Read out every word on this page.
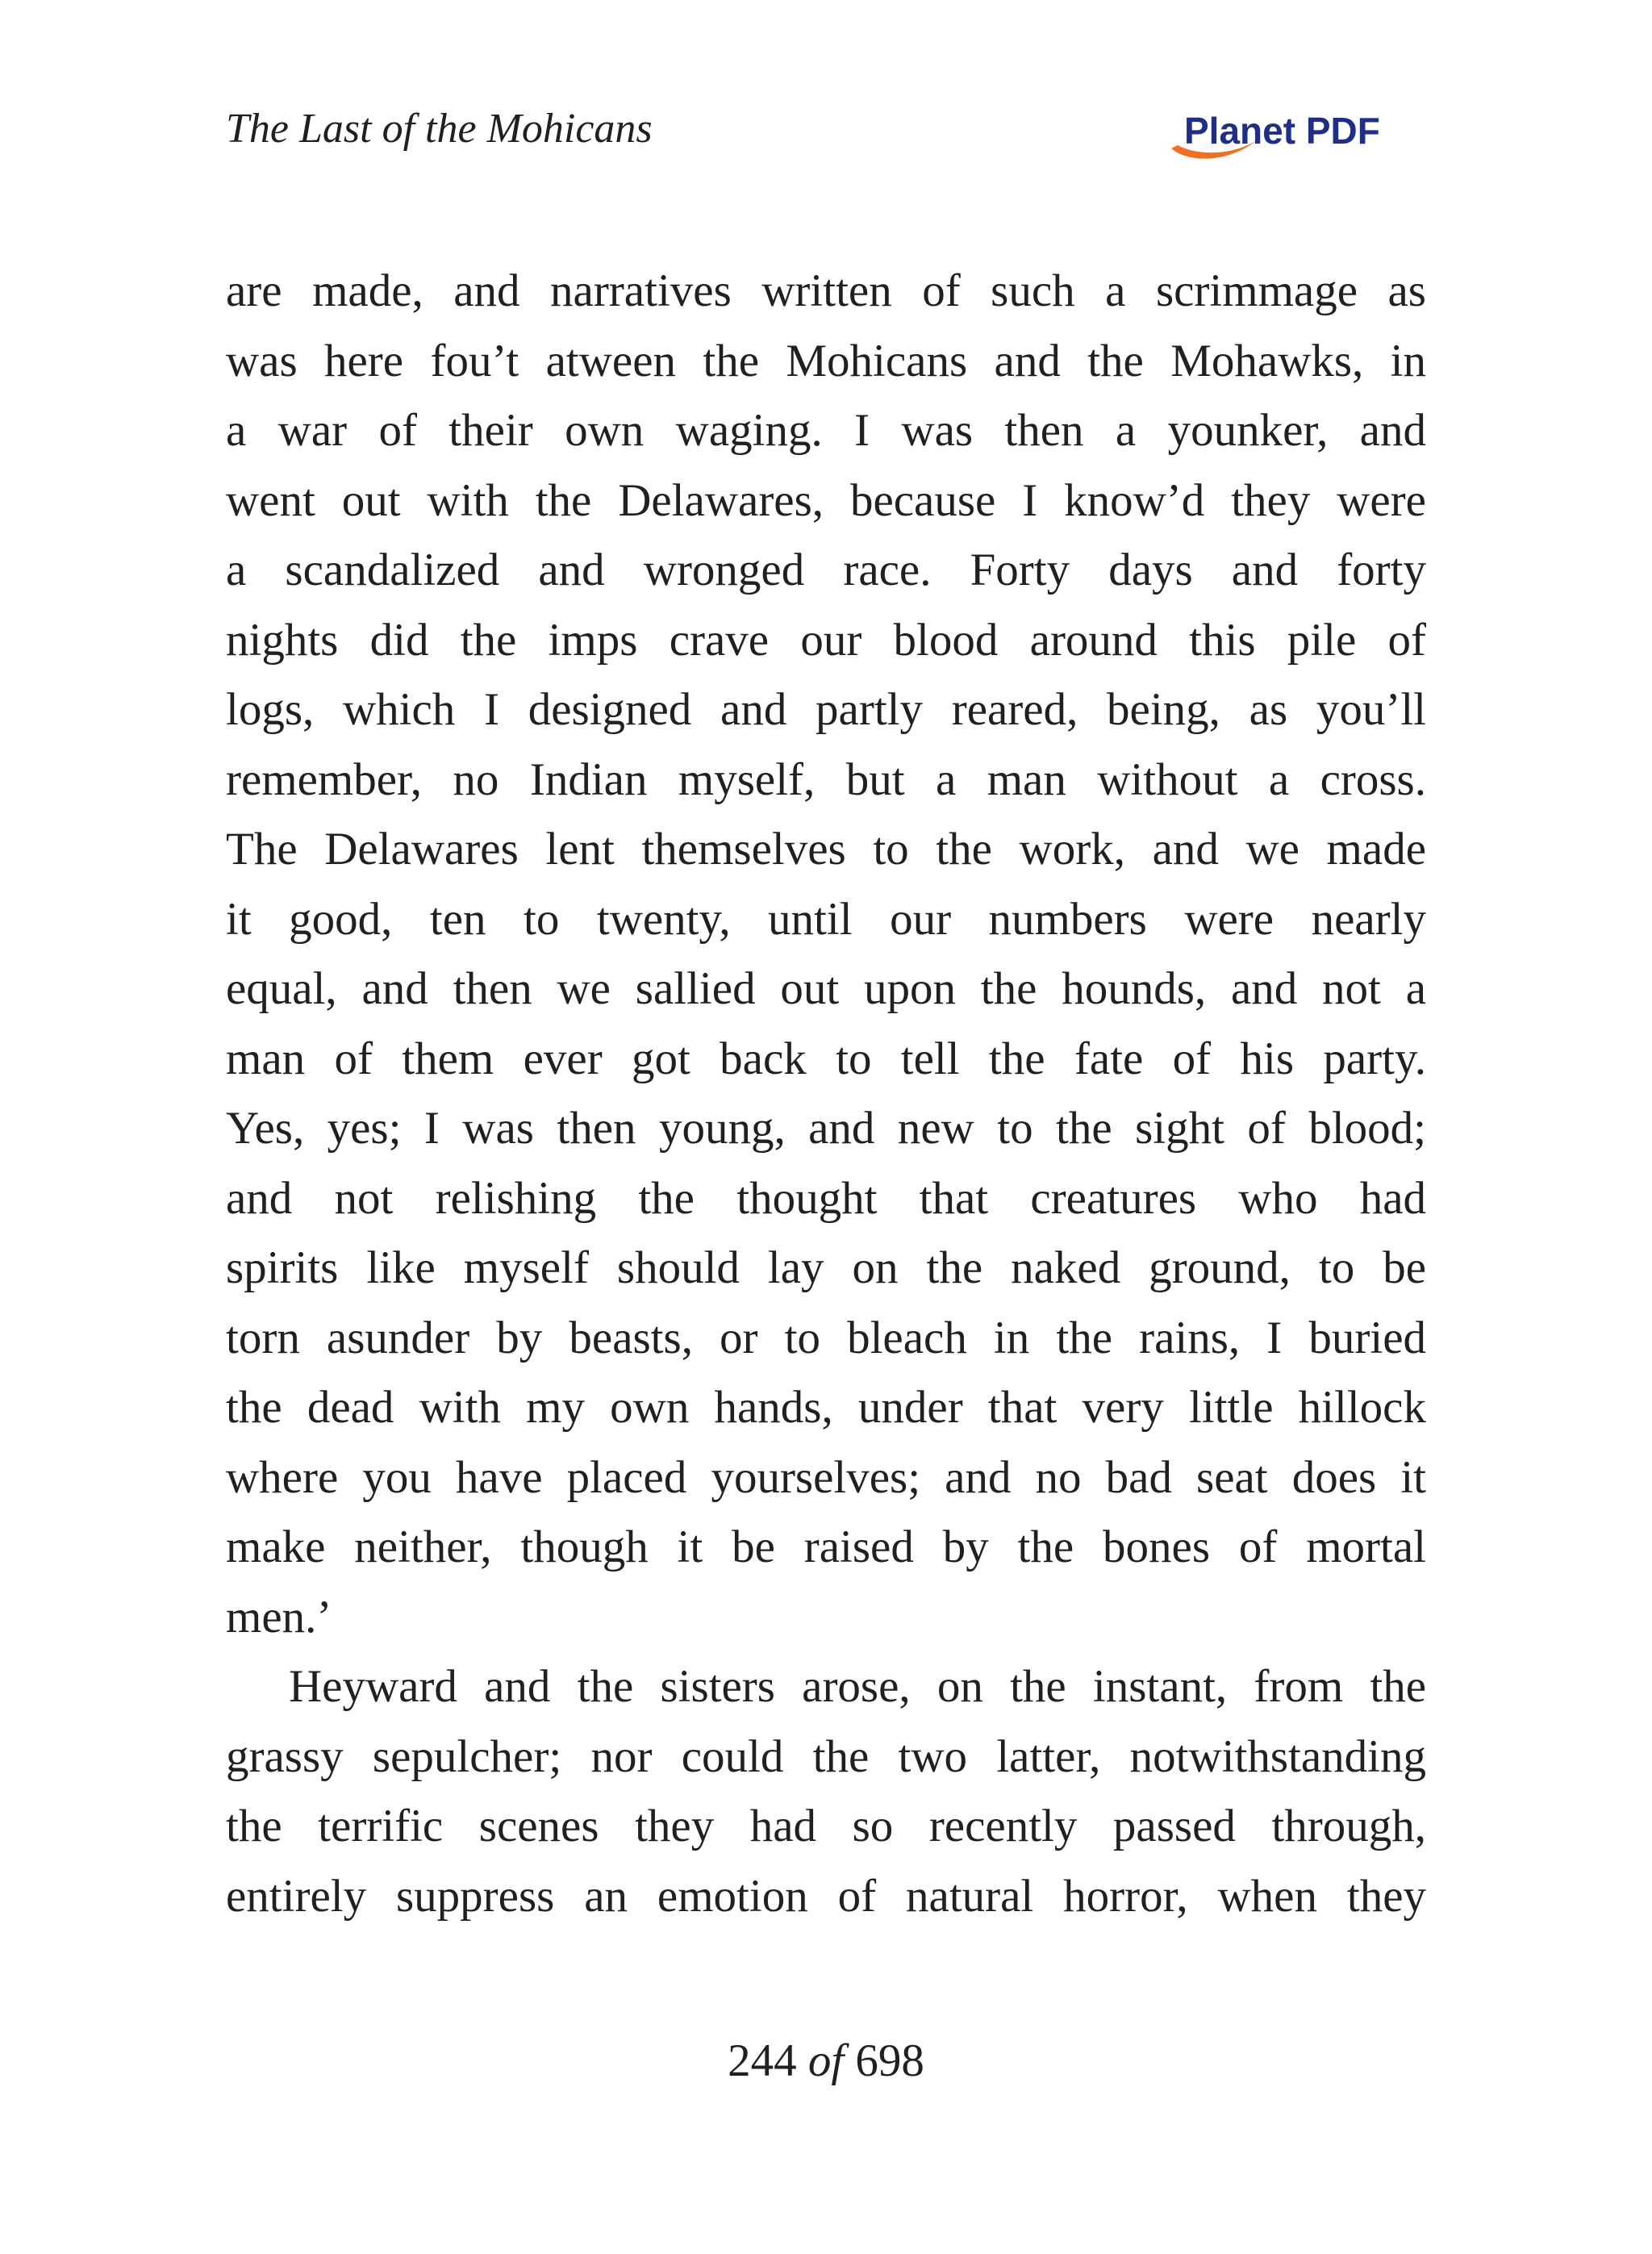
The Last of the Mohicans	Planet PDF
are made, and narratives written of such a scrimmage as
was here fou’t atween the Mohicans and the Mohawks, in
a war of their own waging. I was then a younker, and
went out with the Delawares, because I know’d they were
a scandalized and wronged race. Forty days and forty
nights did the imps crave our blood around this pile of
logs, which I designed and partly reared, being, as you’ll
remember, no Indian myself, but a man without a cross.
The Delawares lent themselves to the work, and we made
it good, ten to twenty, until our numbers were nearly
equal, and then we sallied out upon the hounds, and not a
man of them ever got back to tell the fate of his party.
Yes, yes; I was then young, and new to the sight of blood;
and not relishing the thought that creatures who had
spirits like myself should lay on the naked ground, to be
torn asunder by beasts, or to bleach in the rains, I buried
the dead with my own hands, under that very little hillock
where you have placed yourselves; and no bad seat does it
make neither, though it be raised by the bones of mortal
men.’
Heyward and the sisters arose, on the instant, from the
grassy sepulcher; nor could the two latter, notwithstanding
the terrific scenes they had so recently passed through,
entirely suppress an emotion of natural horror, when they
244 of 698
